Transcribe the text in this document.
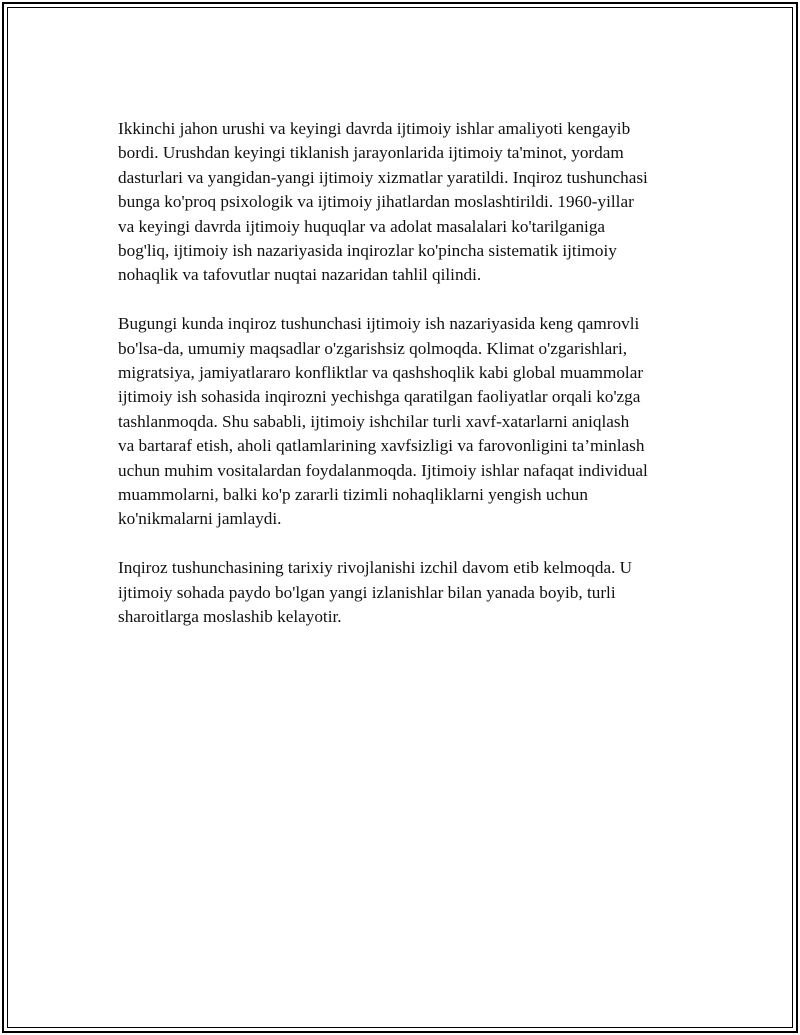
Ikkinchi jahon urushi va keyingi davrda ijtimoiy ishlar amaliyoti kengayib
bordi. Urushdan keyingi tiklanish jarayonlarida ijtimoiy ta'minot, yordam
dasturlari va yangidan-yangi ijtimoiy xizmatlar yaratildi. Inqiroz tushunchasi
bunga ko'proq psixologik va ijtimoiy jihatlardan moslashtirildi. 1960-yillar
va keyingi davrda ijtimoiy huquqlar va adolat masalalari ko'tarilganiga
bog'liq, ijtimoiy ish nazariyasida inqirozlar ko'pincha sistematik ijtimoiy
nohaqlik va tafovutlar nuqtai nazaridan tahlil qilindi.

Bugungi kunda inqiroz tushunchasi ijtimoiy ish nazariyasida keng qamrovli
bo'lsa-da, umumiy maqsadlar o'zgarishsiz qolmoqda. Klimat o'zgarishlari,
migratsiya, jamiyatlararo konfliktlar va qashshoqlik kabi global muammolar
ijtimoiy ish sohasida inqirozni yechishga qaratilgan faoliyatlar orqali ko'zga
tashlanmoqda. Shu sababli, ijtimoiy ishchilar turli xavf-xatarlarni aniqlash
va bartaraf etish, aholi qatlamlarining xavfsizligi va farovonligini ta’minlash
uchun muhim vositalardan foydalanmoqda. Ijtimoiy ishlar nafaqat individual
muammolarni, balki ko'p zararli tizimli nohaqliklarni yengish uchun
ko'nikmalarni jamlaydi.

Inqiroz tushunchasining tarixiy rivojlanishi izchil davom etib kelmoqda. U
ijtimoiy sohada paydo bo'lgan yangi izlanishlar bilan yanada boyib, turli
sharoitlarga moslashib kelayotir.
